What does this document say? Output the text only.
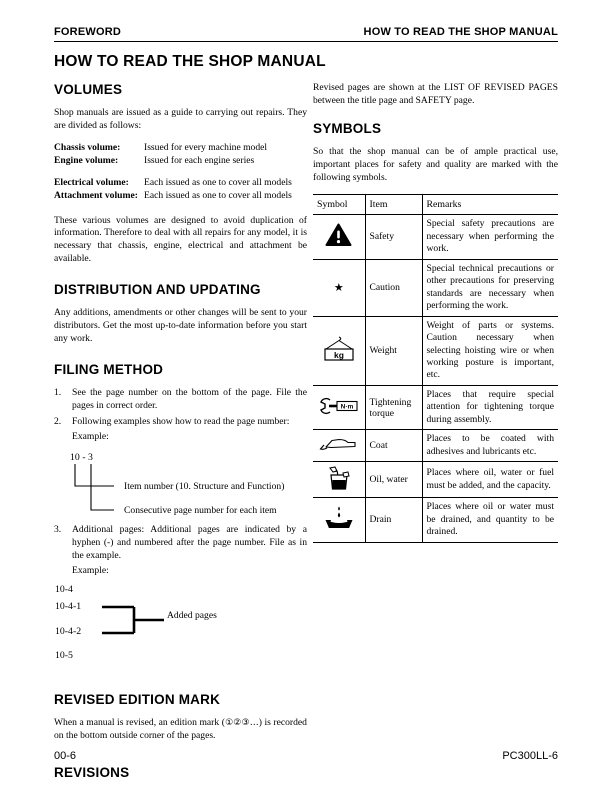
FOREWORD	HOW TO READ THE SHOP MANUAL
HOW TO READ THE SHOP MANUAL
VOLUMES

Shop manuals are issued as a guide to carrying out repairs. They are divided as follows:

Chassis volume:	Issued for every machine model
Engine volume:	Issued for each engine series
Electrical volume:	Each issued as one to cover all models
Attachment volume: Each issued as one to cover all models

These various volumes are designed to avoid duplication of information. Therefore to deal with all repairs for any model, it is necessary that chassis, engine, electrical and attachment be available.

DISTRIBUTION AND UPDATING

Any additions, amendments or other changes will be sent to your distributors. Get the most up-to-date information before you start any work.

FILING METHOD
1.	See the page number on the bottom of the page. File the pages in correct order.
2.	Following examples show how to read the page number:
Example:
10 - 3
Item number (10. Structure and Function)
Consecutive page number for each item
3.	Additional pages: Additional pages are indicated by a hyphen (-) and numbered after the page number. File as in the example.
Example:
10-4
10-4-1
10-4-2
10-5
Added pages
REVISED EDITION MARK

When a manual is revised, an edition mark (①②③…) is recorded on the bottom outside corner of the pages.

REVISIONS

Revised pages are shown at the LIST OF REVISED PAGES between the title page and SAFETY page.

SYMBOLS

So that the shop manual can be of ample practical use, important places for safety and quality are marked with the following symbols.

Symbol	Item	Remarks
	Safety	Special safety precautions are necessary when performing the work.
★	Caution	Special technical precautions or other precautions for preserving standards are necessary when performing the work.

kg	Weight	Weight of parts or systems. Caution necessary when selecting hoisting wire or when working posture is important, etc.

N·m	Tightening torque	Places that require special attention for tightening torque during assembly.
	Coat	Places to be coated with adhesives and lubricants etc.
	Oil, water	Places where oil, water or fuel must be added, and the capacity.
	Drain	Places where oil or water must be drained, and quantity to be drained.
00-6	PC300LL-6
